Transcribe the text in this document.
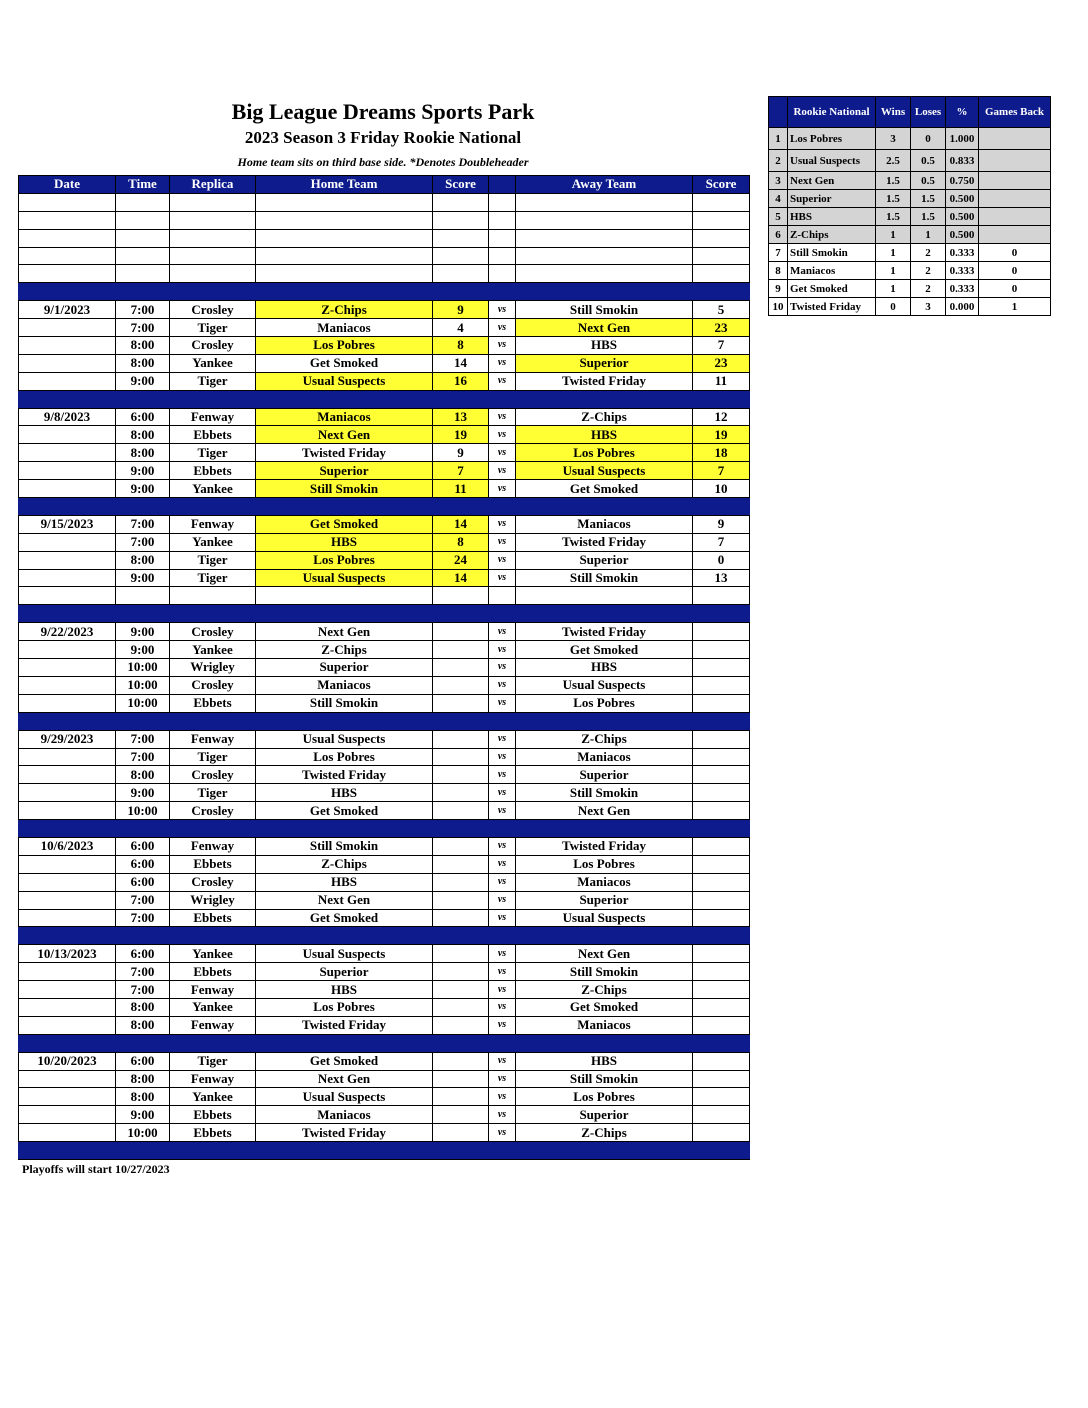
Big League Dreams Sports Park
2023 Season 3 Friday Rookie National
Home team sits on third base side. *Denotes Doubleheader
Date	Time	Replica	Home Team	Score		Away Team	Score

9/1/2023	7:00	Crosley	Z-Chips	9	vs	Still Smokin	5
	7:00	Tiger	Maniacos	4	vs	Next Gen	23
	8:00	Crosley	Los Pobres	8	vs	HBS	7
	8:00	Yankee	Get Smoked	14	vs	Superior	23
	9:00	Tiger	Usual Suspects	16	vs	Twisted Friday	11

9/8/2023	6:00	Fenway	Maniacos	13	vs	Z-Chips	12
	8:00	Ebbets	Next Gen	19	vs	HBS	19
	8:00	Tiger	Twisted Friday	9	vs	Los Pobres	18
	9:00	Ebbets	Superior	7	vs	Usual Suspects	7
	9:00	Yankee	Still Smokin	11	vs	Get Smoked	10

9/15/2023	7:00	Fenway	Get Smoked	14	vs	Maniacos	9
	7:00	Yankee	HBS	8	vs	Twisted Friday	7
	8:00	Tiger	Los Pobres	24	vs	Superior	0
	9:00	Tiger	Usual Suspects	14	vs	Still Smokin	13

9/22/2023	9:00	Crosley	Next Gen		vs	Twisted Friday	
	9:00	Yankee	Z-Chips		vs	Get Smoked	
	10:00	Wrigley	Superior		vs	HBS	
	10:00	Crosley	Maniacos		vs	Usual Suspects	
	10:00	Ebbets	Still Smokin		vs	Los Pobres	

9/29/2023	7:00	Fenway	Usual Suspects		vs	Z-Chips	
	7:00	Tiger	Los Pobres		vs	Maniacos	
	8:00	Crosley	Twisted Friday		vs	Superior	
	9:00	Tiger	HBS		vs	Still Smokin	
	10:00	Crosley	Get Smoked		vs	Next Gen	

10/6/2023	6:00	Fenway	Still Smokin		vs	Twisted Friday	
	6:00	Ebbets	Z-Chips		vs	Los Pobres	
	6:00	Crosley	HBS		vs	Maniacos	
	7:00	Wrigley	Next Gen		vs	Superior	
	7:00	Ebbets	Get Smoked		vs	Usual Suspects	

10/13/2023	6:00	Yankee	Usual Suspects		vs	Next Gen	
	7:00	Ebbets	Superior		vs	Still Smokin	
	7:00	Fenway	HBS		vs	Z-Chips	
	8:00	Yankee	Los Pobres		vs	Get Smoked	
	8:00	Fenway	Twisted Friday		vs	Maniacos	

10/20/2023	6:00	Tiger	Get Smoked		vs	HBS	
	8:00	Fenway	Next Gen		vs	Still Smokin	
	8:00	Yankee	Usual Suspects		vs	Los Pobres	
	9:00	Ebbets	Maniacos		vs	Superior	
	10:00	Ebbets	Twisted Friday		vs	Z-Chips	

	Rookie National	Wins	Loses	%	Games Back
1	Los Pobres	3	0	1.000	
2	Usual Suspects	2.5	0.5	0.833	
3	Next Gen	1.5	0.5	0.750	
4	Superior	1.5	1.5	0.500	
5	HBS	1.5	1.5	0.500	
6	Z-Chips	1	1	0.500	
7	Still Smokin	1	2	0.333	0
8	Maniacos	1	2	0.333	0
9	Get Smoked	1	2	0.333	0
10	Twisted Friday	0	3	0.000	1
Playoffs will start 10/27/2023
